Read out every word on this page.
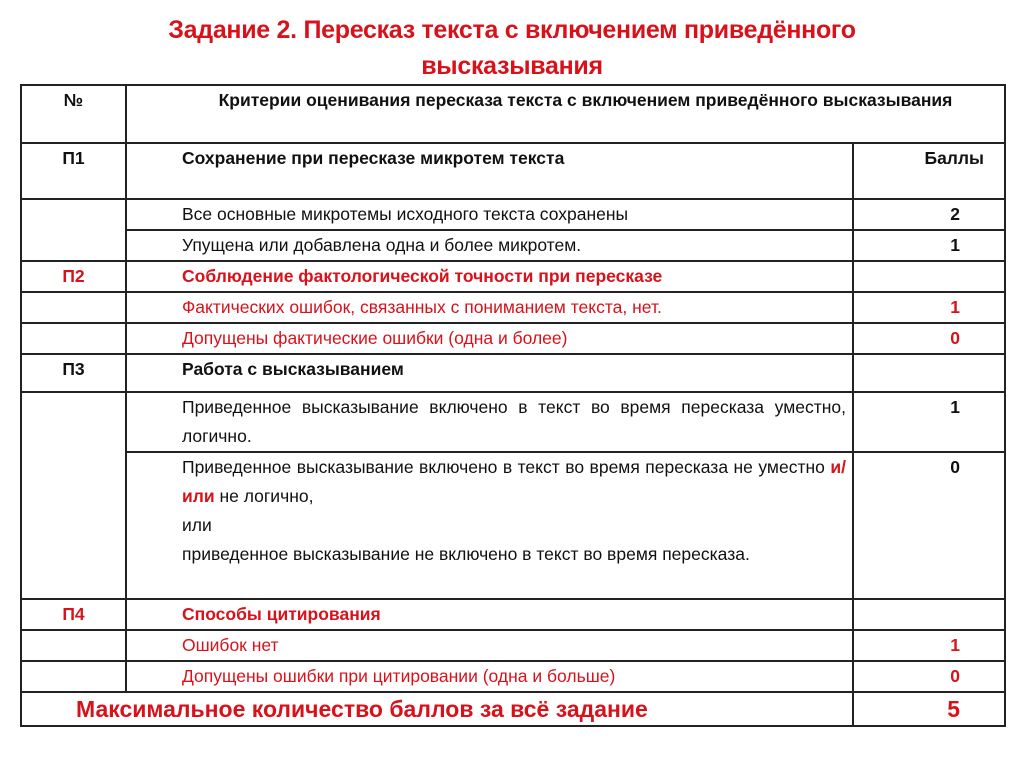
Задание 2. Пересказ текста с включением приведённого
высказывания
№	Критерии оценивания пересказа текста с включением приведённого высказывания	
П1	Сохранение при пересказе микротем текста	Баллы
	Все основные микротемы исходного текста сохранены	2
	Упущена или добавлена одна и более микротем.	1
П2	Соблюдение фактологической точности при пересказе	
	Фактических ошибок, связанных с пониманием текста, нет.	1
	Допущены фактические ошибки (одна и более)	0
П3	Работа с высказыванием	
	Приведенное высказывание включено в текст во время пересказа уместно, логично.	1
	Приведенное высказывание включено в текст во время пересказа не уместно и/или не логично,
или
приведенное высказывание не включено в текст во время пересказа.	0
П4	Способы цитирования	
	Ошибок нет	1
	Допущены ошибки при цитировании (одна и больше)	0
Максимальное количество баллов за всё задание		5
